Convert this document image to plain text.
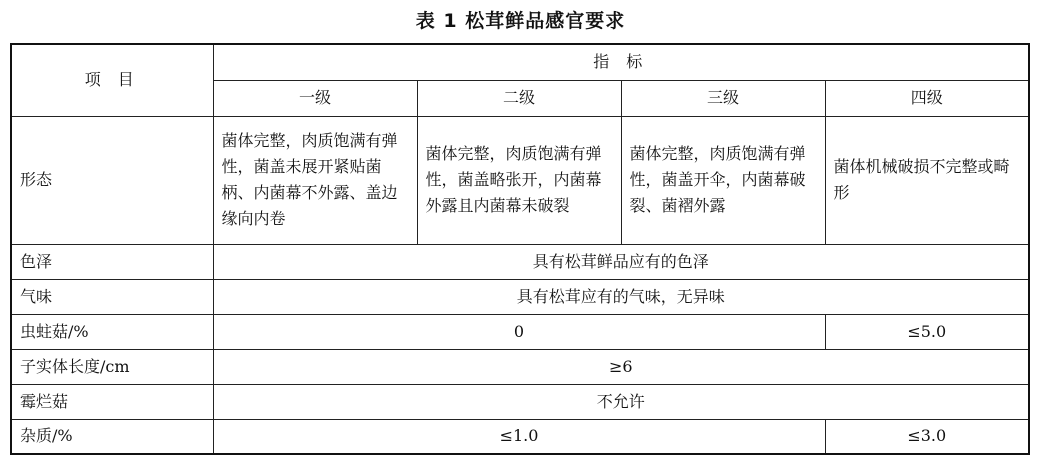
表 1 松茸鲜品感官要求
项 目	指 标			
	一级	二级	三级	四级
形态	菌体完整，肉质饱满有弹性，菌盖未展开紧贴菌柄、内菌幕不外露、盖边缘向内卷	菌体完整，肉质饱满有弹性，菌盖略张开，内菌幕外露且内菌幕未破裂	菌体完整，肉质饱满有弹性，菌盖开伞，内菌幕破裂、菌褶外露	菌体机械破损不完整或畸形
色泽	具有松茸鲜品应有的色泽			
气味	具有松茸应有的气味，无异味			
虫蛀菇/%	0			≤5.0
子实体长度/cm	≥6			
霉烂菇	不允许			
杂质/%	≤1.0			≤3.0
